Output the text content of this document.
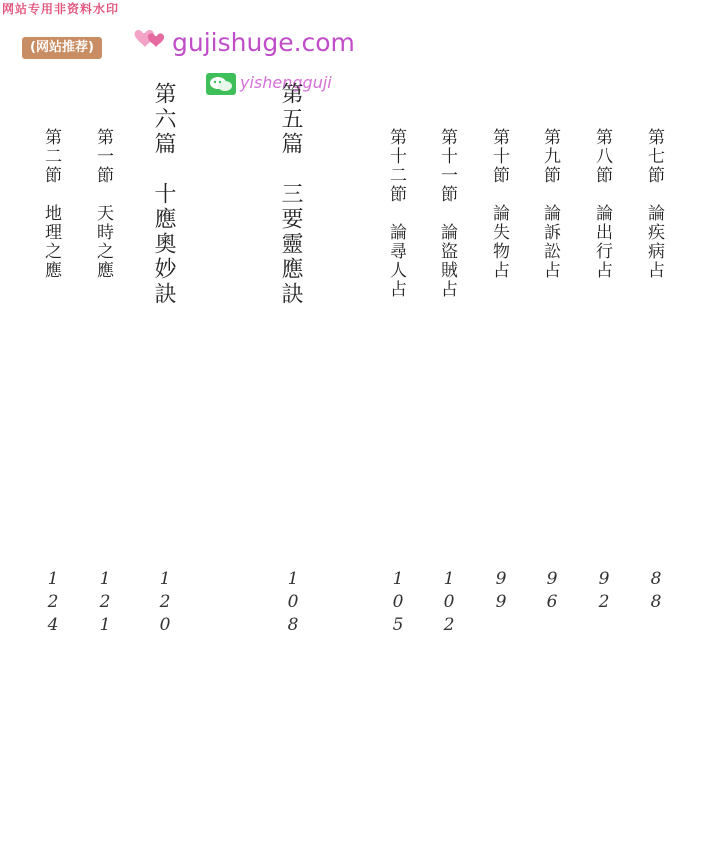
网站专用非资料水印
(网站推荐)	gujishuge.com
yishengguji
第七節　論疾病占
88
第八節　論出行占
92
第九節　論訴訟占
96
第十節　論失物占
99
第十一節　論盜賊占
102
第十二節　論尋人占
105
第五篇　三要靈應訣
108
第六篇　十應奧妙訣
120
第一節　天時之應
121
第二節　地理之應
124
